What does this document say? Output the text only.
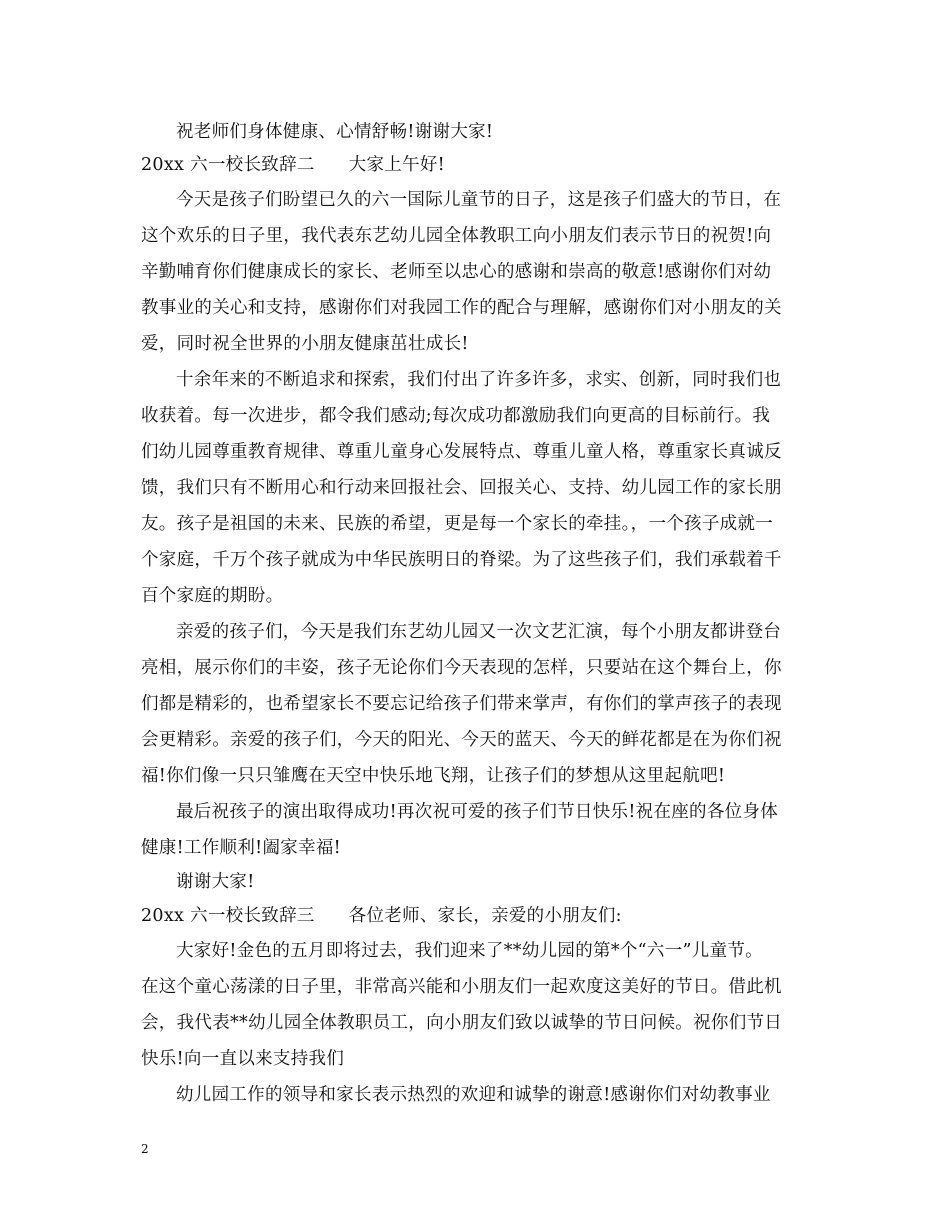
祝老师们身体健康、心情舒畅!谢谢大家!
20xx 六一校长致辞二 大家上午好!
今天是孩子们盼望已久的六一国际儿童节的日子，这是孩子们盛大的节日，在
这个欢乐的日子里，我代表东艺幼儿园全体教职工向小朋友们表示节日的祝贺!向
辛勤哺育你们健康成长的家长、老师至以忠心的感谢和崇高的敬意!感谢你们对幼
教事业的关心和支持，感谢你们对我园工作的配合与理解，感谢你们对小朋友的关
爱，同时祝全世界的小朋友健康茁壮成长!
十余年来的不断追求和探索，我们付出了许多许多，求实、创新，同时我们也
收获着。每一次进步，都令我们感动;每次成功都激励我们向更高的目标前行。我
们幼儿园尊重教育规律、尊重儿童身心发展特点、尊重儿童人格，尊重家长真诚反
馈，我们只有不断用心和行动来回报社会、回报关心、支持、幼儿园工作的家长朋
友。孩子是祖国的未来、民族的希望，更是每一个家长的牵挂。，一个孩子成就一
个家庭，千万个孩子就成为中华民族明日的脊梁。为了这些孩子们，我们承载着千
百个家庭的期盼。
亲爱的孩子们，今天是我们东艺幼儿园又一次文艺汇演，每个小朋友都讲登台
亮相，展示你们的丰姿，孩子无论你们今天表现的怎样，只要站在这个舞台上，你
们都是精彩的，也希望家长不要忘记给孩子们带来掌声，有你们的掌声孩子的表现
会更精彩。亲爱的孩子们，今天的阳光、今天的蓝天、今天的鲜花都是在为你们祝
福!你们像一只只雏鹰在天空中快乐地飞翔，让孩子们的梦想从这里起航吧!
最后祝孩子的演出取得成功!再次祝可爱的孩子们节日快乐!祝在座的各位身体
健康!工作顺利!阖家幸福!
谢谢大家!
20xx 六一校长致辞三 各位老师、家长，亲爱的小朋友们:
大家好!金色的五月即将过去，我们迎来了**幼儿园的第*个“六一”儿童节。
在这个童心荡漾的日子里，非常高兴能和小朋友们一起欢度这美好的节日。借此机
会，我代表**幼儿园全体教职员工，向小朋友们致以诚挚的节日问候。祝你们节日
快乐!向一直以来支持我们
幼儿园工作的领导和家长表示热烈的欢迎和诚挚的谢意!感谢你们对幼教事业
2
